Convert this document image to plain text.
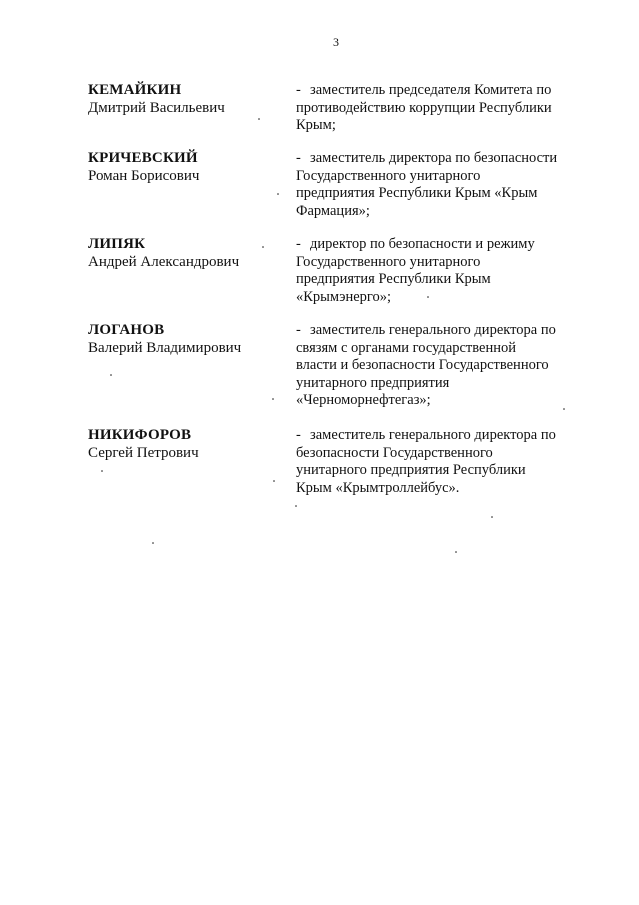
3
КЕМАЙКИН
Дмитрий Васильевич
- заместитель председателя Комитета по
противодействию коррупции Республики
Крым;
КРИЧЕВСКИЙ
Роман Борисович
- заместитель директора по безопасности
Государственного унитарного
предприятия Республики Крым «Крым
Фармация»;
ЛИПЯК
Андрей Александрович
- директор по безопасности и режиму
Государственного унитарного
предприятия Республики Крым
«Крымэнерго»;
ЛОГАНОВ
Валерий Владимирович
- заместитель генерального директора по
связям с органами государственной
власти и безопасности Государственного
унитарного предприятия
«Черноморнефтегаз»;
НИКИФОРОВ
Сергей Петрович
- заместитель генерального директора по
безопасности Государственного
унитарного предприятия Республики
Крым «Крымтроллейбус».
